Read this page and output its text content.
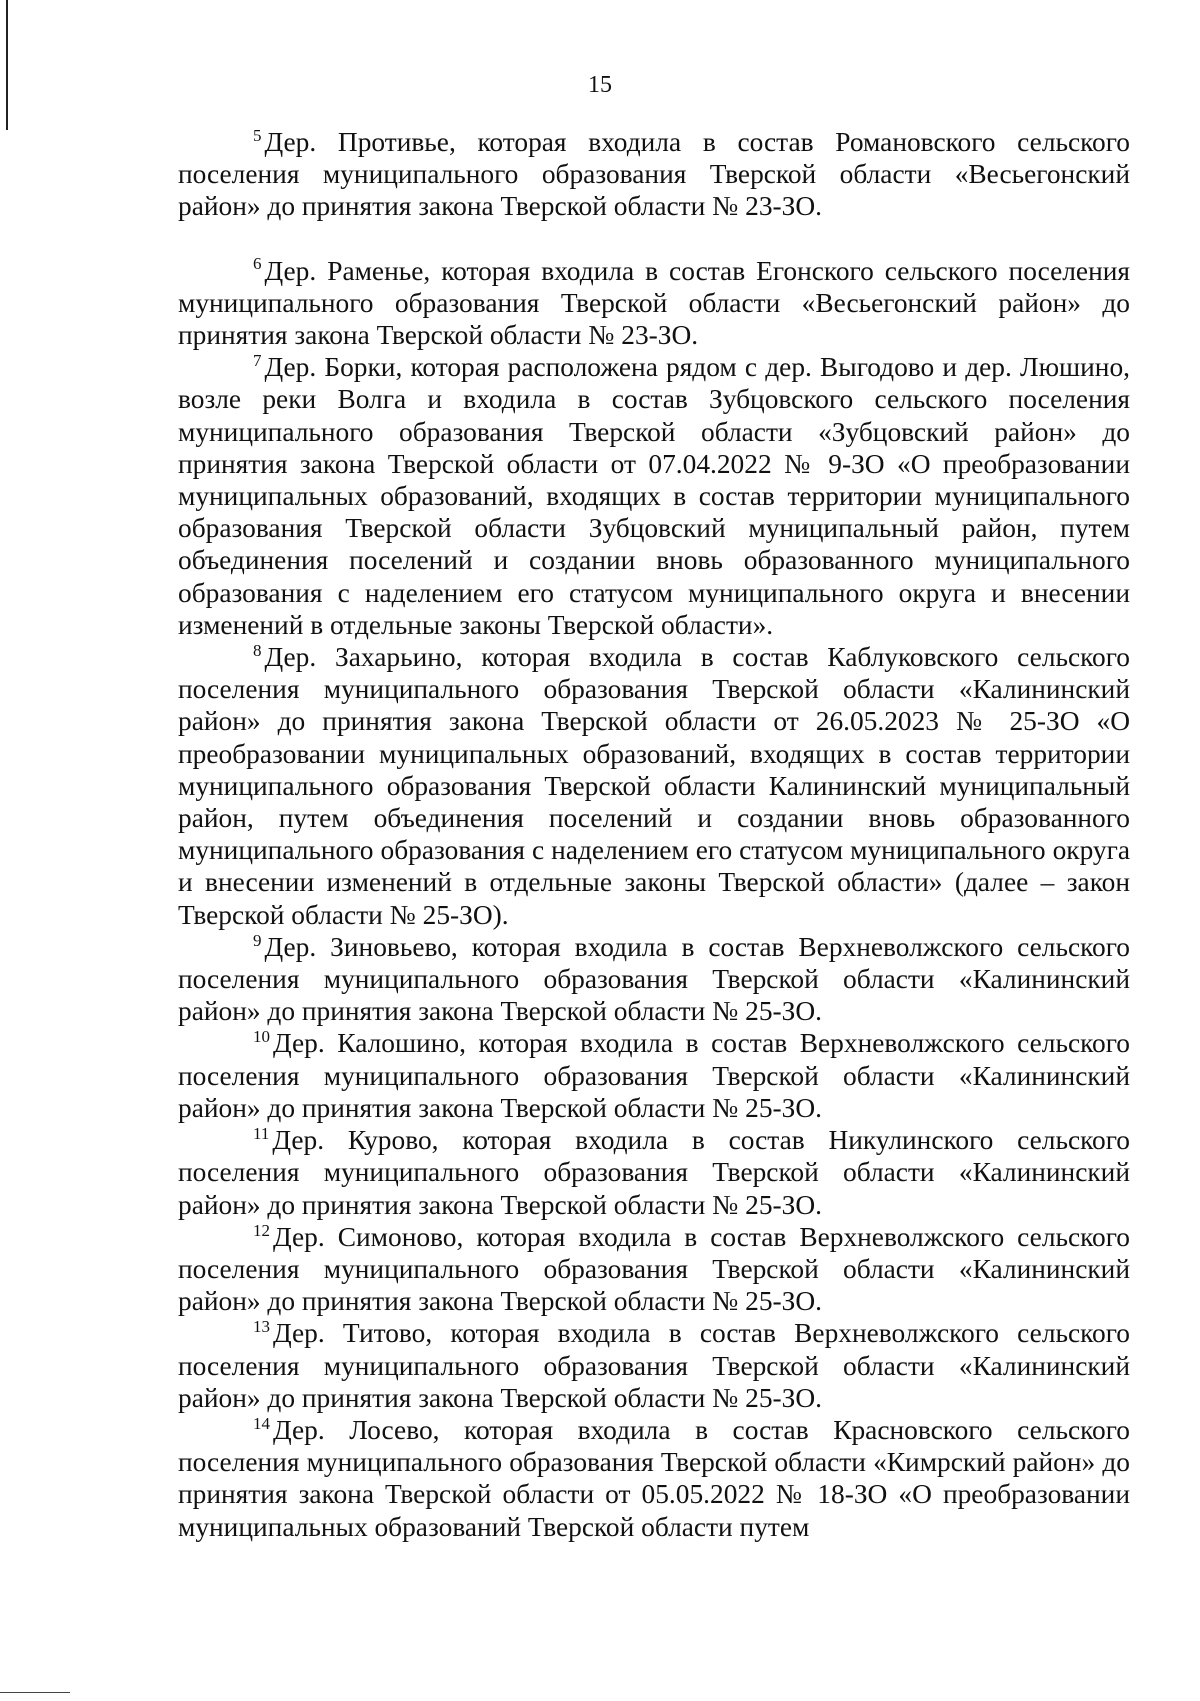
15

$^5$ Дер. Противье, которая входила в состав Романовского сельского поселения муниципального образования Тверской области «Весьегонский район» до принятия закона Тверской области № 23-ЗО.

$^6$ Дер. Раменье, которая входила в состав Егонского сельского поселения муниципального образования Тверской области «Весьегонский район» до принятия закона Тверской области № 23-ЗО.

$^7$ Дер. Борки, которая расположена рядом с дер. Выгодово и дер. Люшино, возле реки Волга и входила в состав Зубцовского сельского поселения муниципального образования Тверской области «Зубцовский район» до принятия закона Тверской области от 07.04.2022 № 9-ЗО «О преобразовании муниципальных образований, входящих в состав территории муниципального образования Тверской области Зубцовский муниципальный район, путем объединения поселений и создании вновь образованного муниципального образования с наделением его статусом муниципального округа и внесении изменений в отдельные законы Тверской области».

$^8$ Дер. Захарьино, которая входила в состав Каблуковского сельского поселения муниципального образования Тверской области «Калининский район» до принятия закона Тверской области от 26.05.2023 № 25-ЗО «О преобразовании муниципальных образований, входящих в состав территории муниципального образования Тверской области Калининский муниципальный район, путем объединения поселений и создании вновь образованного муниципального образования с наделением его статусом муниципального округа и внесении изменений в отдельные законы Тверской области» (далее – закон Тверской области № 25-ЗО).

$^9$ Дер. Зиновьево, которая входила в состав Верхневолжского сельского поселения муниципального образования Тверской области «Калининский район» до принятия закона Тверской области № 25-ЗО.

$^{10}$ Дер. Калошино, которая входила в состав Верхневолжского сельского поселения муниципального образования Тверской области «Калининский район» до принятия закона Тверской области № 25-ЗО.

$^{11}$ Дер. Курово, которая входила в состав Никулинского сельского поселения муниципального образования Тверской области «Калининский район» до принятия закона Тверской области № 25-ЗО.

$^{12}$ Дер. Симоново, которая входила в состав Верхневолжского сельского поселения муниципального образования Тверской области «Калининский район» до принятия закона Тверской области № 25-ЗО.

$^{13}$ Дер. Титово, которая входила в состав Верхневолжского сельского поселения муниципального образования Тверской области «Калининский район» до принятия закона Тверской области № 25-ЗО.

$^{14}$ Дер. Лосево, которая входила в состав Красновского сельского поселения муниципального образования Тверской области «Кимрский район» до принятия закона Тверской области от 05.05.2022 № 18-ЗО «О преобразовании муниципальных образований Тверской области путем
